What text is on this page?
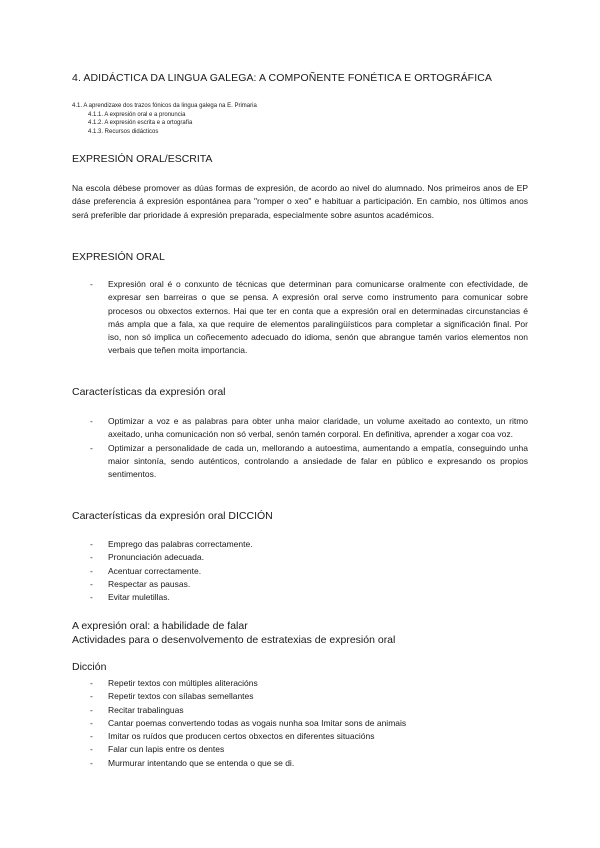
4. ADIDÁCTICA DA LINGUA GALEGA: A COMPOÑENTE FONÉTICA E ORTOGRÁFICA
4.1. A aprendizaxe dos trazos fónicos da lingua galega na E. Primaria
4.1.1. A expresión oral e a pronuncia
4.1.2. A expresión escrita e a ortografía
4.1.3. Recursos didácticos
EXPRESIÓN ORAL/ESCRITA
Na escola débese promover as dúas formas de expresión, de acordo ao nivel do alumnado. Nos primeiros anos de EP dáse preferencia á expresión espontánea para "romper o xeo" e habituar a participación. En cambio, nos últimos anos será preferible dar prioridade á expresión preparada, especialmente sobre asuntos académicos.
EXPRESIÓN ORAL
- Expresión oral é o conxunto de técnicas que determinan para comunicarse oralmente con efectividade, de expresar sen barreiras o que se pensa. A expresión oral serve como instrumento para comunicar sobre procesos ou obxectos externos. Hai que ter en conta que a expresión oral en determinadas circunstancias é más ampla que a fala, xa que require de elementos paralingüísticos para completar a significación final. Por iso, non só implica un coñecemento adecuado do idioma, senón que abrangue tamén varios elementos non verbais que teñen moita importancia.
Características da expresión oral
- Optimizar a voz e as palabras para obter unha maior claridade, un volume axeitado ao contexto, un ritmo axeitado, unha comunicación non só verbal, senón tamén corporal. En definitiva, aprender a xogar coa voz.
- Optimizar a personalidade de cada un, mellorando a autoestima, aumentando a empatía, conseguindo unha maior sintonía, sendo auténticos, controlando a ansiedade de falar en público e expresando os propios sentimentos.
Características da expresión oral DICCIÓN
- Emprego das palabras correctamente.
- Pronunciación adecuada.
- Acentuar correctamente.
- Respectar as pausas.
- Evitar muletillas.
A expresión oral: a habilidade de falar
Actividades para o desenvolvemento de estratexias de expresión oral
Dicción
- Repetir textos con múltiples aliteracións
- Repetir textos con sílabas semellantes
- Recitar trabalinguas
- Cantar poemas convertendo todas as vogais nunha soa Imitar sons de animais
- Imitar os ruídos que producen certos obxectos en diferentes situacións
- Falar cun lapis entre os dentes
- Murmurar intentando que se entenda o que se di.
